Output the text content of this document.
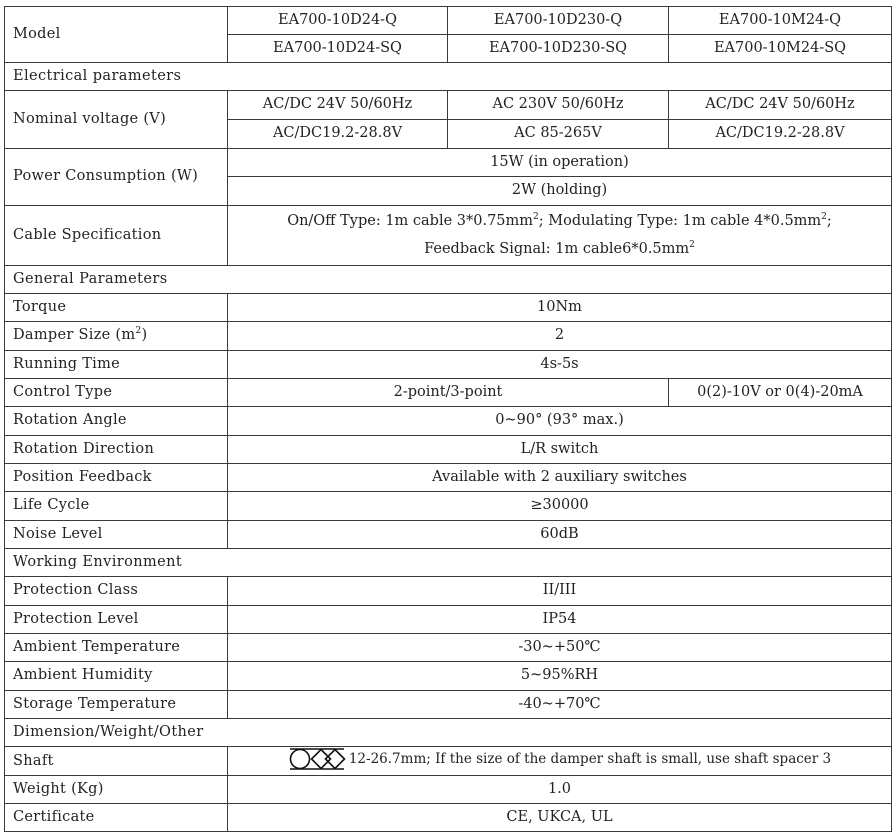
Model	EA700-10D24-Q	EA700-10D230-Q	EA700-10M24-Q
	EA700-10D24-SQ	EA700-10D230-SQ	EA700-10M24-SQ
Electrical parameters			
Nominal voltage (V)	AC/DC 24V 50/60Hz	AC 230V 50/60Hz	AC/DC 24V 50/60Hz
	AC/DC19.2-28.8V	AC 85-265V	AC/DC19.2-28.8V
Power Consumption (W)	15W (in operation)		
	2W (holding)		
Cable Specification	On/Off Type: 1m cable $3*0.75mm^2$; Modulating Type: 1m cable $4*0.5mm^2$;
Feedback Signal: 1m $cable6*0.5mm^2$
General Parameters			
Torque	10Nm		
Damper Size $(m^2)$	2		
Running Time	4s-5s		
Control Type	2-point/3-point		0(2)-10V or 0(4)-20mA
Rotation Angle	0~90° (93° max.)		
Rotation Direction	L/R switch		
Position Feedback	Available with 2 auxiliary switches		
Life Cycle	≥30000		
Noise Level	60dB		
Working Environment			
Protection Class	II/III		
Protection Level	IP54		
Ambient Temperature	-30~+50℃		
Ambient Humidity	5~95%RH		
Storage Temperature	-40~+70℃		
Dimension/Weight/Other			
Shaft	12-26.7mm; If the size of the damper shaft is small, use shaft spacer 3		

Weight (Kg)	1.0		
Certificate	CE, UKCA, UL		
